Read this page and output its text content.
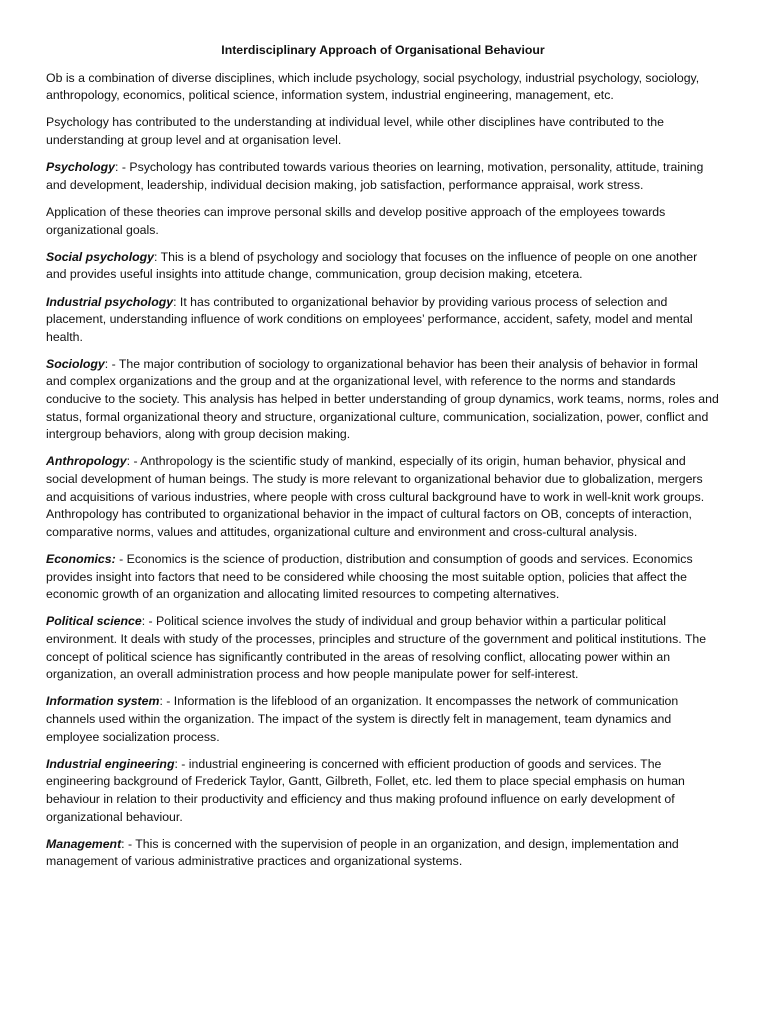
Interdisciplinary Approach of Organisational Behaviour

Ob is a combination of diverse disciplines, which include psychology, social psychology, industrial psychology, sociology, anthropology, economics, political science, information system, industrial engineering, management, etc.

Psychology has contributed to the understanding at individual level, while other disciplines have contributed to the understanding at group level and at organisation level.

Psychology: - Psychology has contributed towards various theories on learning, motivation, personality, attitude, training and development, leadership, individual decision making, job satisfaction, performance appraisal, work stress.

Application of these theories can improve personal skills and develop positive approach of the employees towards organizational goals.

Social psychology: This is a blend of psychology and sociology that focuses on the influence of people on one another and provides useful insights into attitude change, communication, group decision making, etcetera.

Industrial psychology: It has contributed to organizational behavior by providing various process of selection and placement, understanding influence of work conditions on employees’ performance, accident, safety, model and mental health.

Sociology: - The major contribution of sociology to organizational behavior has been their analysis of behavior in formal and complex organizations and the group and at the organizational level, with reference to the norms and standards conducive to the society. This analysis has helped in better understanding of group dynamics, work teams, norms, roles and status, formal organizational theory and structure, organizational culture, communication, socialization, power, conflict and intergroup behaviors, along with group decision making.

Anthropology: - Anthropology is the scientific study of mankind, especially of its origin, human behavior, physical and social development of human beings. The study is more relevant to organizational behavior due to globalization, mergers and acquisitions of various industries, where people with cross cultural background have to work in well-knit work groups. Anthropology has contributed to organizational behavior in the impact of cultural factors on OB, concepts of interaction, comparative norms, values and attitudes, organizational culture and environment and cross-cultural analysis.

Economics: - Economics is the science of production, distribution and consumption of goods and services. Economics provides insight into factors that need to be considered while choosing the most suitable option, policies that affect the economic growth of an organization and allocating limited resources to competing alternatives.

Political science: - Political science involves the study of individual and group behavior within a particular political environment. It deals with study of the processes, principles and structure of the government and political institutions. The concept of political science has significantly contributed in the areas of resolving conflict, allocating power within an organization, an overall administration process and how people manipulate power for self-interest.

Information system: - Information is the lifeblood of an organization. It encompasses the network of communication channels used within the organization. The impact of the system is directly felt in management, team dynamics and employee socialization process.

Industrial engineering: - industrial engineering is concerned with efficient production of goods and services. The engineering background of Frederick Taylor, Gantt, Gilbreth, Follet, etc. led them to place special emphasis on human behaviour in relation to their productivity and efficiency and thus making profound influence on early development of organizational behaviour.

Management: - This is concerned with the supervision of people in an organization, and design, implementation and management of various administrative practices and organizational systems.
